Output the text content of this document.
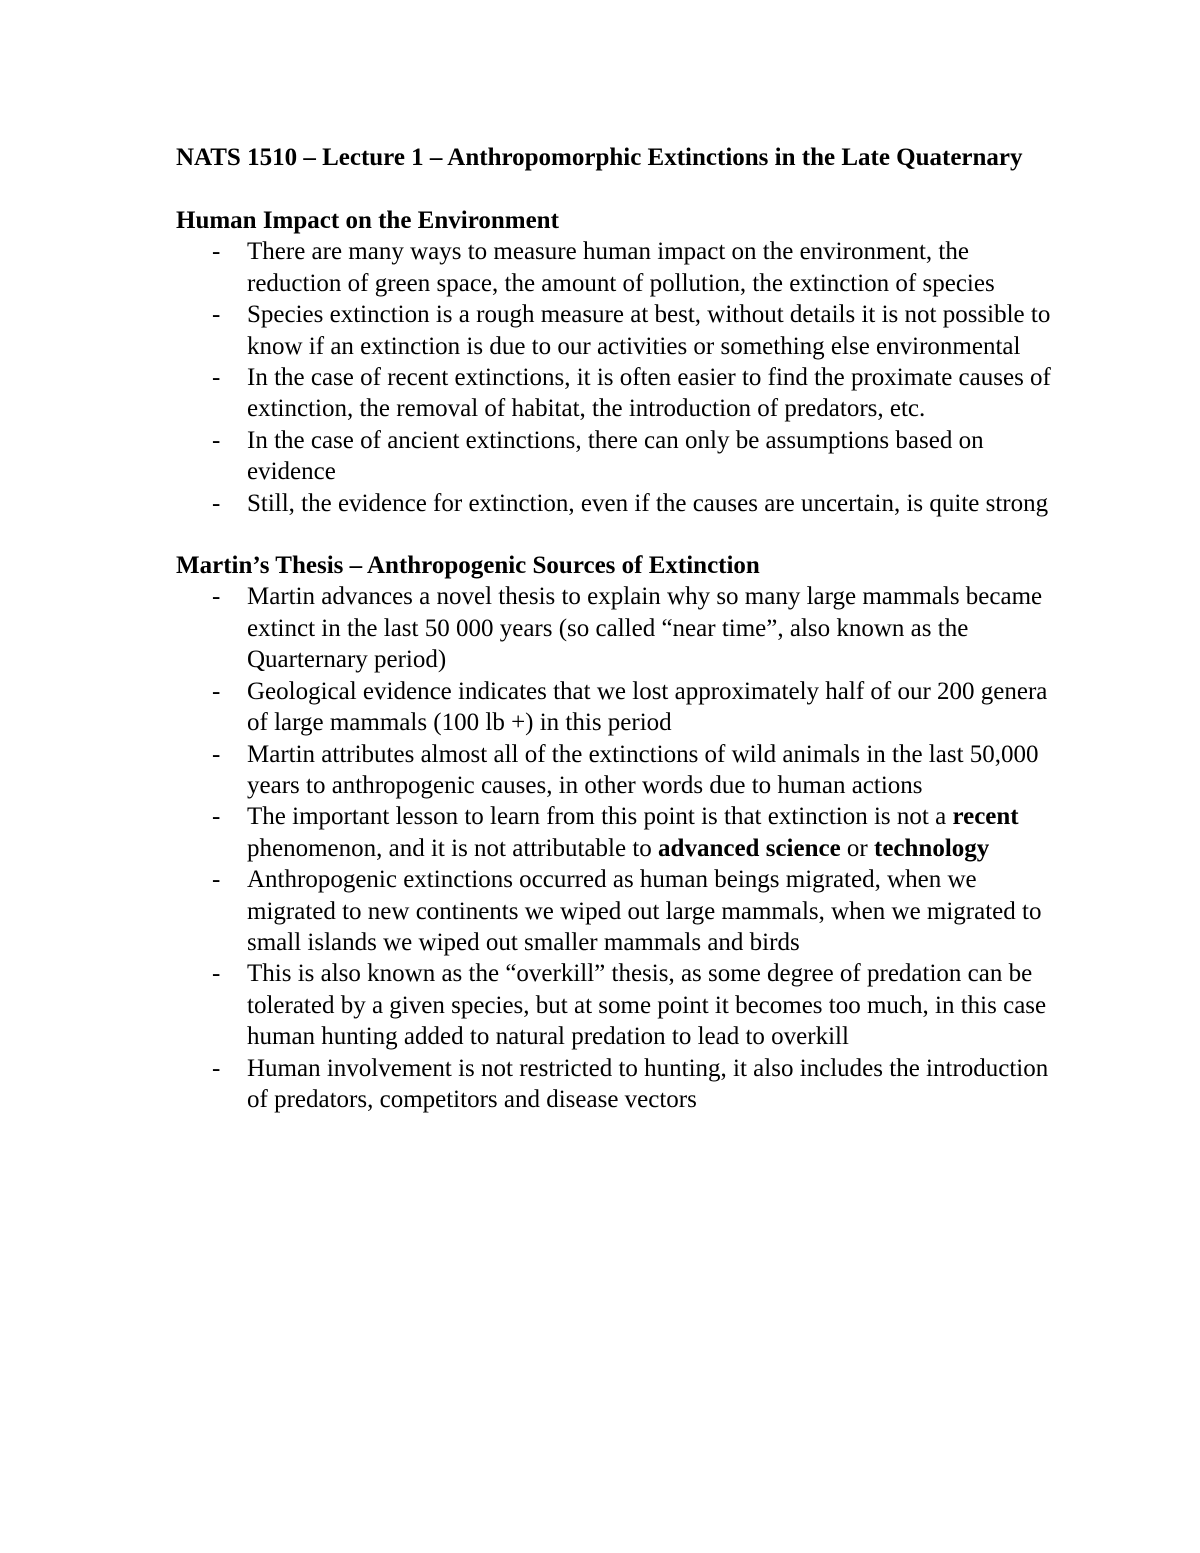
NATS 1510 – Lecture 1 – Anthropomorphic Extinctions in the Late Quaternary

Human Impact on the Environment

- There are many ways to measure human impact on the environment, the reduction of green space, the amount of pollution, the extinction of species
- Species extinction is a rough measure at best, without details it is not possible to know if an extinction is due to our activities or something else environmental
- In the case of recent extinctions, it is often easier to find the proximate causes of extinction, the removal of habitat, the introduction of predators, etc.
- In the case of ancient extinctions, there can only be assumptions based on evidence
- Still, the evidence for extinction, even if the causes are uncertain, is quite strong

Martin’s Thesis – Anthropogenic Sources of Extinction

- Martin advances a novel thesis to explain why so many large mammals became extinct in the last 50 000 years (so called “near time”, also known as the Quarternary period)
- Geological evidence indicates that we lost approximately half of our 200 genera of large mammals (100 lb +) in this period
- Martin attributes almost all of the extinctions of wild animals in the last 50,000 years to anthropogenic causes, in other words due to human actions
- The important lesson to learn from this point is that extinction is not a recent phenomenon, and it is not attributable to advanced science or technology
- Anthropogenic extinctions occurred as human beings migrated, when we migrated to new continents we wiped out large mammals, when we migrated to small islands we wiped out smaller mammals and birds
- This is also known as the “overkill” thesis, as some degree of predation can be tolerated by a given species, but at some point it becomes too much, in this case human hunting added to natural predation to lead to overkill
- Human involvement is not restricted to hunting, it also includes the introduction of predators, competitors and disease vectors
